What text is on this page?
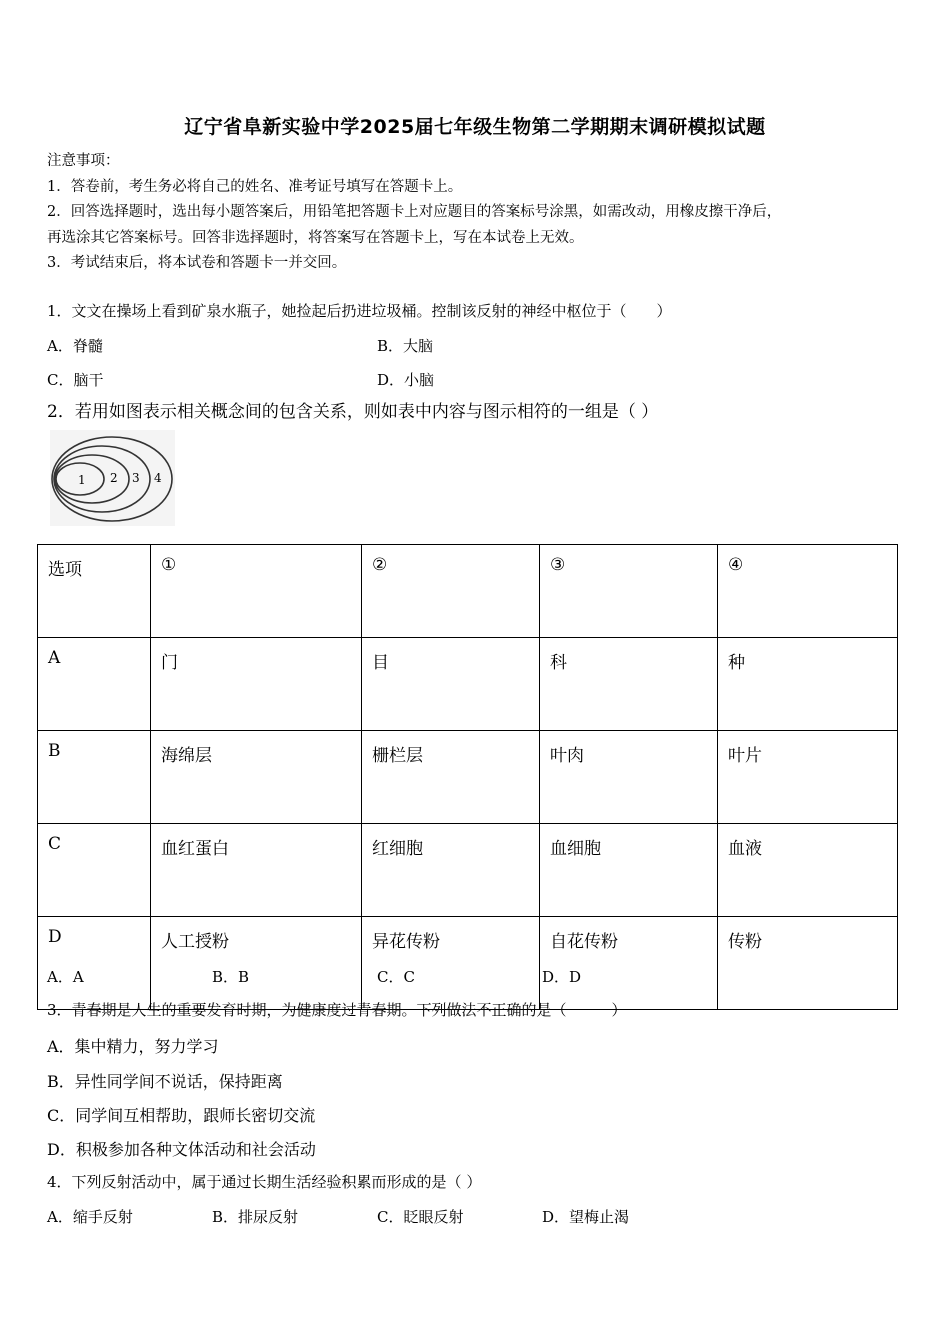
辽宁省阜新实验中学2025届七年级生物第二学期期末调研模拟试题
注意事项：
1．答卷前，考生务必将自己的姓名、准考证号填写在答题卡上。
2．回答选择题时，选出每小题答案后，用铅笔把答题卡上对应题目的答案标号涂黑，如需改动，用橡皮擦干净后，
再选涂其它答案标号。回答非选择题时，将答案写在答题卡上，写在本试卷上无效。
3．考试结束后，将本试卷和答题卡一并交回。
1．文文在操场上看到矿泉水瓶子，她捡起后扔进垃圾桶。控制该反射的神经中枢位于（　　）
A．脊髓	B．大脑
C．脑干	D．小脑
2．若用如图表示相关概念间的包含关系，则如表中内容与图示相符的一组是（ ）
1 2 3 4
选项	①	②	③	④
A	门	目	科	种
B	海绵层	栅栏层	叶肉	叶片
C	血红蛋白	红细胞	血细胞	血液
D	人工授粉	异花传粉	自花传粉	传粉
A．A	B．B	C．C	D．D
3．青春期是人生的重要发育时期，为健康度过青春期。下列做法不正确的是（　　　）
A．集中精力，努力学习
B．异性同学间不说话，保持距离
C．同学间互相帮助，跟师长密切交流
D．积极参加各种文体活动和社会活动
4．下列反射活动中，属于通过长期生活经验积累而形成的是（ ）
A．缩手反射	B．排尿反射	C．眨眼反射	D．望梅止渴
